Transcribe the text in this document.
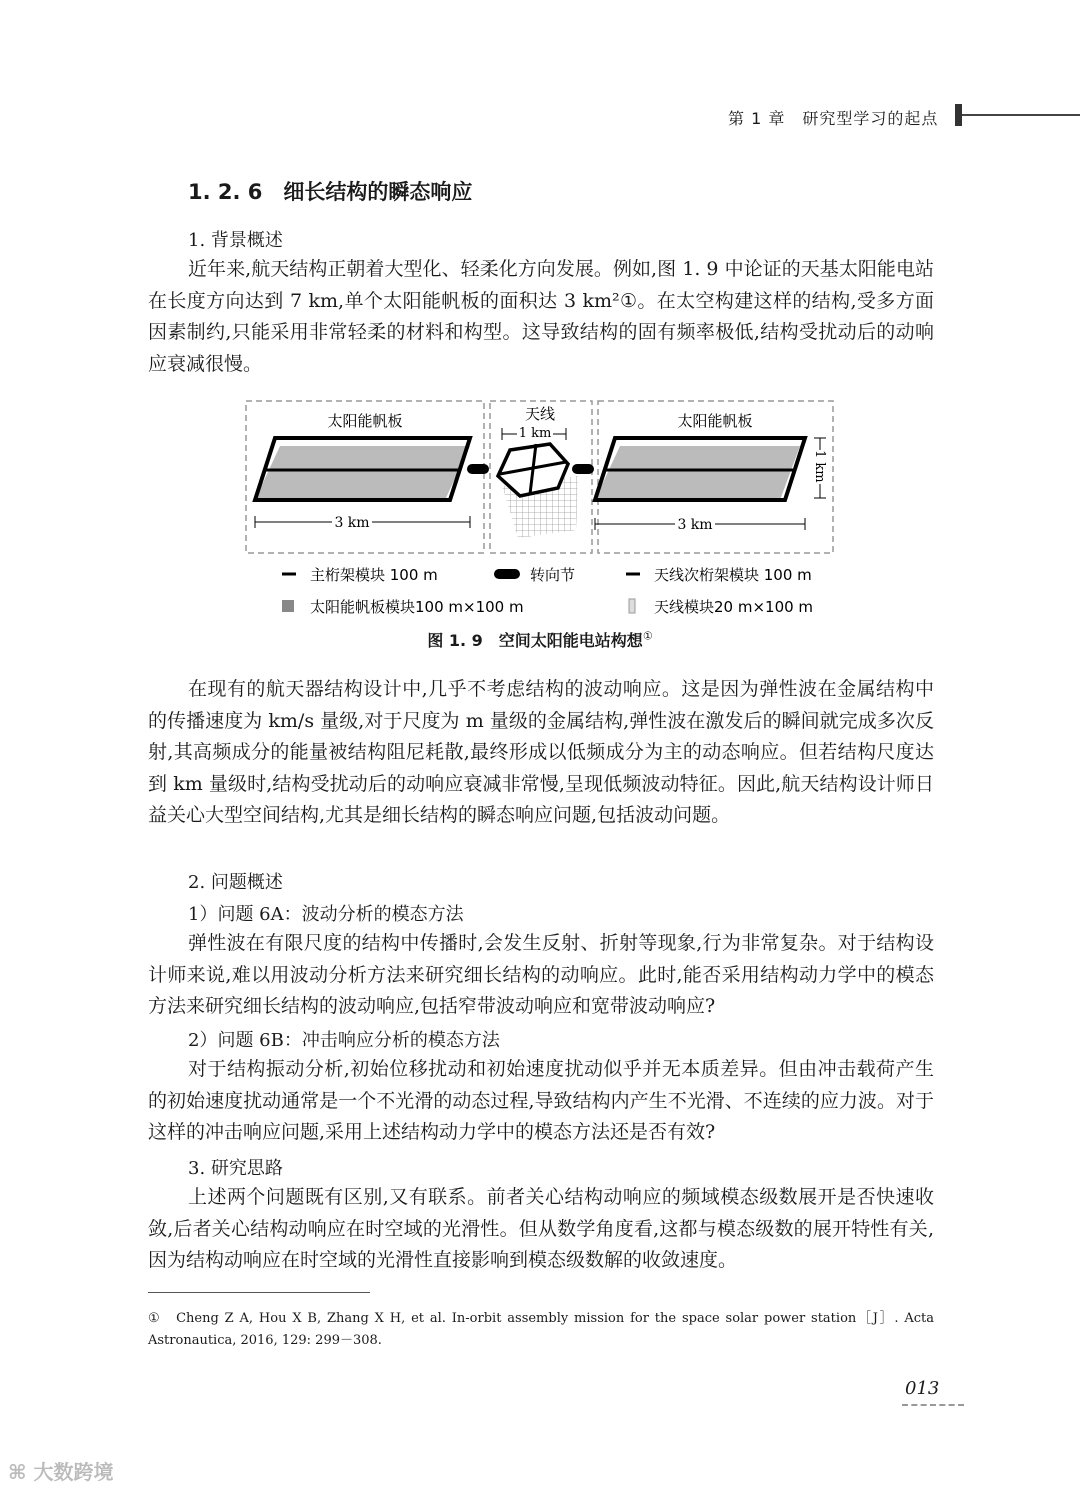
第 1 章　研究型学习的起点
1. 2. 6　细长结构的瞬态响应
1. 背景概述
近年来,航天结构正朝着大型化、轻柔化方向发展。例如,图 1. 9 中论证的天基太阳能电站在长度方向达到 7 km,单个太阳能帆板的面积达 3 km²①。在太空构建这样的结构,受多方面因素制约,只能采用非常轻柔的材料和构型。这导致结构的固有频率极低,结构受扰动后的动响应衰减很慢。
太阳能帆板	天线	太阳能帆板
1 km
1 km
3 km	3 km
主桁架模块 100 m	转向节	天线次桁架模块 100 m
太阳能帆板模块100 m×100 m	天线模块20 m×100 m
图 1. 9　空间太阳能电站构想①
在现有的航天器结构设计中,几乎不考虑结构的波动响应。这是因为弹性波在金属结构中的传播速度为 km/s 量级,对于尺度为 m 量级的金属结构,弹性波在激发后的瞬间就完成多次反射,其高频成分的能量被结构阻尼耗散,最终形成以低频成分为主的动态响应。但若结构尺度达到 km 量级时,结构受扰动后的动响应衰减非常慢,呈现低频波动特征。因此,航天结构设计师日益关心大型空间结构,尤其是细长结构的瞬态响应问题,包括波动问题。
2. 问题概述
1）问题 6A：波动分析的模态方法
弹性波在有限尺度的结构中传播时,会发生反射、折射等现象,行为非常复杂。对于结构设计师来说,难以用波动分析方法来研究细长结构的动响应。此时,能否采用结构动力学中的模态方法来研究细长结构的波动响应,包括窄带波动响应和宽带波动响应?
2）问题 6B：冲击响应分析的模态方法
对于结构振动分析,初始位移扰动和初始速度扰动似乎并无本质差异。但由冲击载荷产生的初始速度扰动通常是一个不光滑的动态过程,导致结构内产生不光滑、不连续的应力波。对于这样的冲击响应问题,采用上述结构动力学中的模态方法还是否有效?
3. 研究思路
上述两个问题既有区别,又有联系。前者关心结构动响应的频域模态级数展开是否快速收敛,后者关心结构动响应在时空域的光滑性。但从数学角度看,这都与模态级数的展开特性有关,因为结构动响应在时空域的光滑性直接影响到模态级数解的收敛速度。
①　Cheng Z A, Hou X B, Zhang X H, et al. In-orbit assembly mission for the space solar power station［J］. Acta Astronautica, 2016, 129: 299－308.
013
⌘ 大数跨境
